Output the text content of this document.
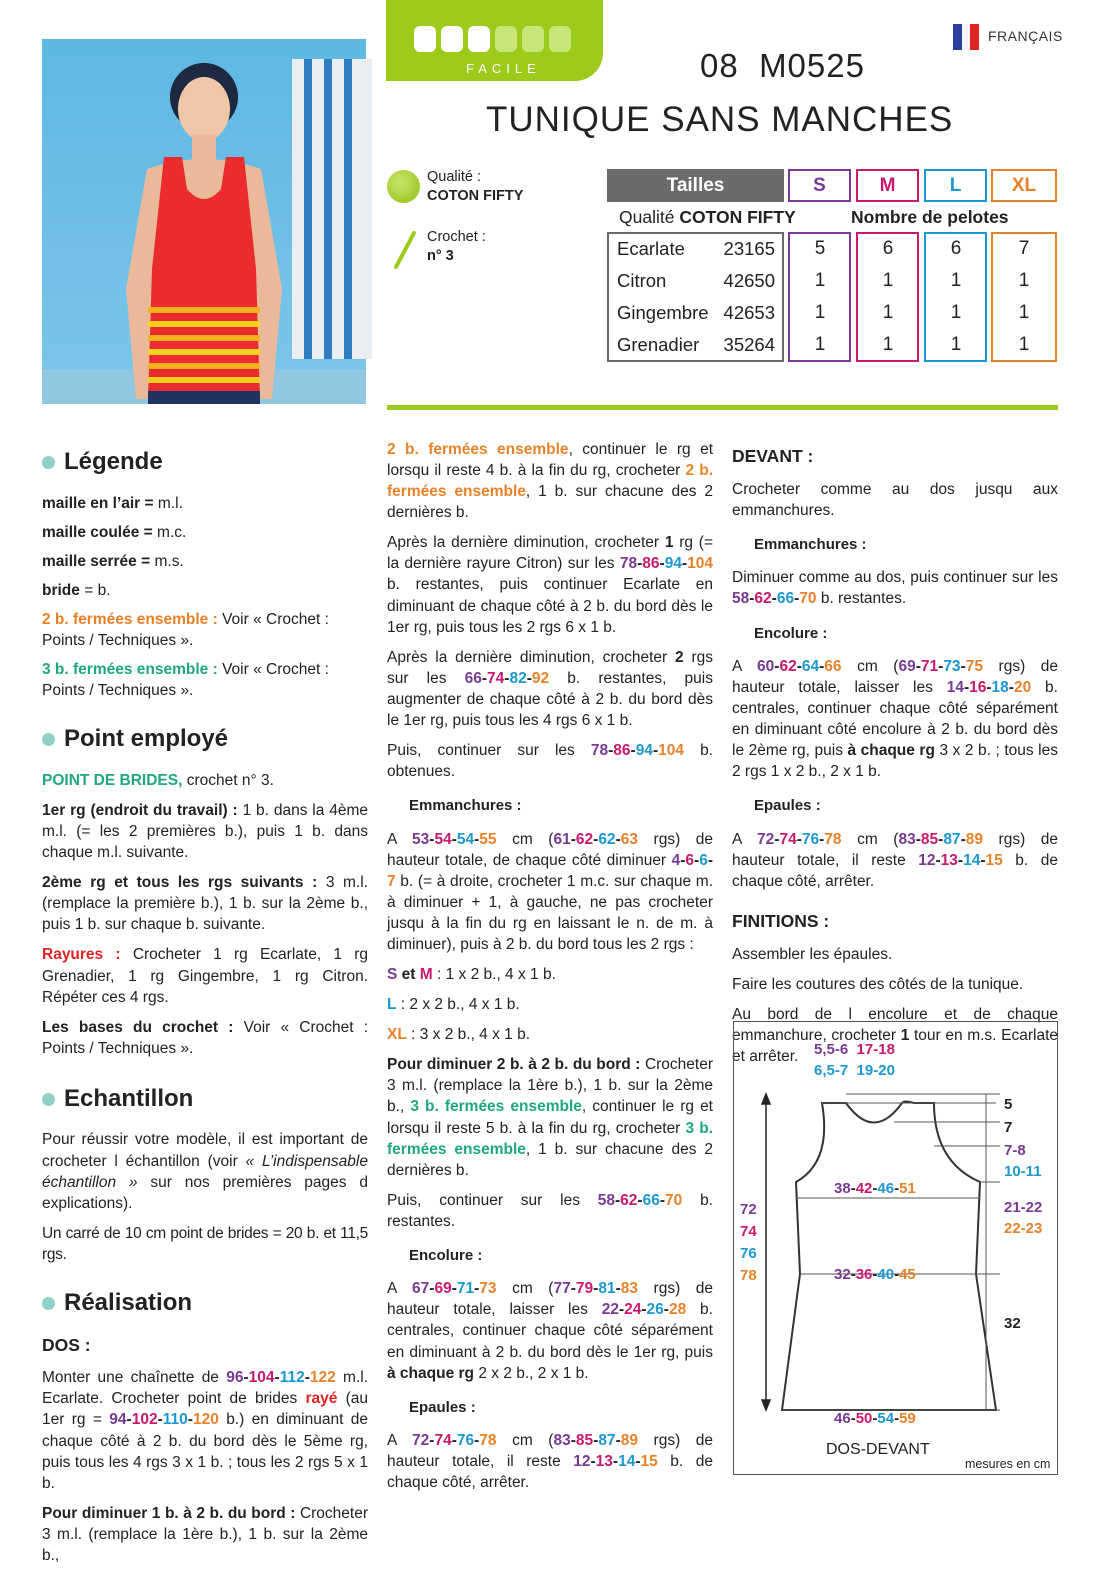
FACILE
FRANÇAIS
08 M0525
TUNIQUE SANS MANCHES
Qualité :
COTON FIFTY
Crochet :
n° 3
Tailles	S	M	L	XL
Qualité COTON FIFTY	Nombre de pelotes
Ecarlate	23165	5	6	6	7
Citron	42650	1	1	1	1
Gingembre 42653	1	1	1	1
Grenadier	35264	1	1	1	1
Légende

maille en l’air = m.l.

maille coulée = m.c.

maille serrée = m.s.

bride = b.

2 b. fermées ensemble : Voir « Crochet : Points / Techniques ».

3 b. fermées ensemble : Voir « Crochet : Points / Techniques ».

Point employé

POINT DE BRIDES, crochet n° 3.

1er rg (endroit du travail) : 1 b. dans la 4ème m.l. (= les 2 premières b.), puis 1 b. dans chaque m.l. suivante.

2ème rg et tous les rgs suivants : 3 m.l. (remplace la première b.), 1 b. sur la 2ème b., puis 1 b. sur chaque b. suivante.

Rayures : Crocheter 1 rg Ecarlate, 1 rg Grenadier, 1 rg Gingembre, 1 rg Citron. Répéter ces 4 rgs.

Les bases du crochet : Voir « Crochet : Points / Techniques ».

Echantillon

Pour réussir votre modèle, il est important de crocheter l échantillon (voir « L’indispensable échantillon » sur nos premières pages d explications).

Un carré de 10 cm point de brides = 20 b. et 11,5 rgs.

Réalisation
DOS :

Monter une chaînette de 96-104-112-122 m.l. Ecarlate. Crocheter point de brides rayé (au 1er rg = 94-102-110-120 b.) en diminuant de chaque côté à 2 b. du bord dès le 5ème rg, puis tous les 4 rgs 3 x 1 b. ; tous les 2 rgs 5 x 1 b.

Pour diminuer 1 b. à 2 b. du bord : Crocheter 3 m.l. (remplace la 1ère b.), 1 b. sur la 2ème b.,

2 b. fermées ensemble, continuer le rg et lorsqu il reste 4 b. à la fin du rg, crocheter 2 b. fermées ensemble, 1 b. sur chacune des 2 dernières b.

Après la dernière diminution, crocheter 1 rg (= la dernière rayure Citron) sur les 78-86-94-104 b. restantes, puis continuer Ecarlate en diminuant de chaque côté à 2 b. du bord dès le 1er rg, puis tous les 2 rgs 6 x 1 b.

Après la dernière diminution, crocheter 2 rgs sur les 66-74-82-92 b. restantes, puis augmenter de chaque côté à 2 b. du bord dès le 1er rg, puis tous les 4 rgs 6 x 1 b.

Puis, continuer sur les 78-86-94-104 b. obtenues.

Emmanchures :

A 53-54-54-55 cm (61-62-62-63 rgs) de hauteur totale, de chaque côté diminuer 4-6-6-7 b. (= à droite, crocheter 1 m.c. sur chaque m. à diminuer + 1, à gauche, ne pas crocheter jusqu à la fin du rg en laissant le n. de m. à diminuer), puis à 2 b. du bord tous les 2 rgs :

S et M : 1 x 2 b., 4 x 1 b.

L : 2 x 2 b., 4 x 1 b.

XL : 3 x 2 b., 4 x 1 b.

Pour diminuer 2 b. à 2 b. du bord : Crocheter 3 m.l. (remplace la 1ère b.), 1 b. sur la 2ème b., 3 b. fermées ensemble, continuer le rg et lorsqu il reste 5 b. à la fin du rg, crocheter 3 b. fermées ensemble, 1 b. sur chacune des 2 dernières b.

Puis, continuer sur les 58-62-66-70 b. restantes.

Encolure :

A 67-69-71-73 cm (77-79-81-83 rgs) de hauteur totale, laisser les 22-24-26-28 b. centrales, continuer chaque côté séparément en diminuant à 2 b. du bord dès le 1er rg, puis à chaque rg 2 x 2 b., 2 x 1 b.

Epaules :

A 72-74-76-78 cm (83-85-87-89 rgs) de hauteur totale, il reste 12-13-14-15 b. de chaque côté, arrêter.

DEVANT :

Crocheter comme au dos jusqu aux emmanchures.

Emmanchures :

Diminuer comme au dos, puis continuer sur les 58-62-66-70 b. restantes.

Encolure :

A 60-62-64-66 cm (69-71-73-75 rgs) de hauteur totale, laisser les 14-16-18-20 b. centrales, continuer chaque côté séparément en diminuant côté encolure à 2 b. du bord dès le 2ème rg, puis à chaque rg 3 x 2 b. ; tous les 2 rgs 1 x 2 b., 2 x 1 b.

Epaules :

A 72-74-76-78 cm (83-85-87-89 rgs) de hauteur totale, il reste 12-13-14-15 b. de chaque côté, arrêter.

FINITIONS :

Assembler les épaules.

Faire les coutures des côtés de la tunique.

Au bord de l encolure et de chaque emmanchure, crocheter 1 tour en m.s. Ecarlate et arrêter.	5,5-6 17-18
6,5-7 19-20
5
7
7-8
10-11
38-42-46-51
21-22
22-23
72
74
76
78	32-36-40-45
32
46-50-54-59
DOS-DEVANT
mesures en cm
